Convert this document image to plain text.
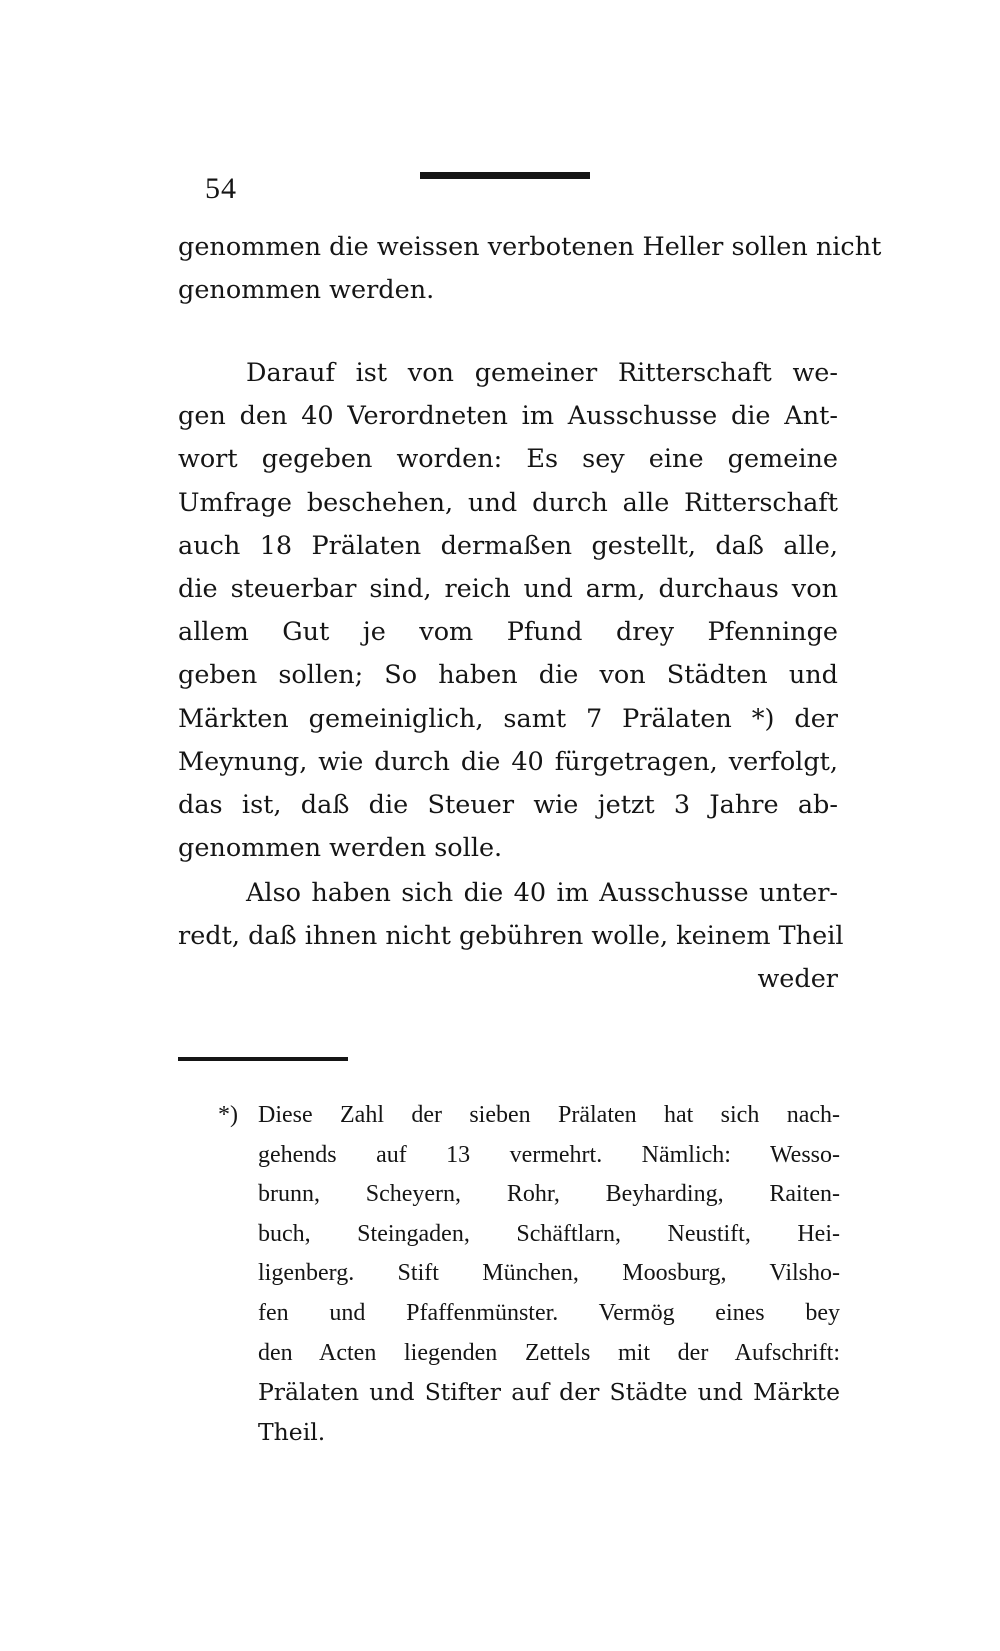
54

genommen die weissen verbotenen Heller sollen nicht
genommen werden.

Darauf ist von gemeiner Ritterschaft we-
gen den 40 Verordneten im Ausschusse die Ant-
wort gegeben worden: Es sey eine gemeine
Umfrage beschehen, und durch alle Ritterschaft
auch 18 Prälaten dermaßen gestellt, daß alle,
die steuerbar sind, reich und arm, durchaus von
allem Gut je vom Pfund drey Pfenninge
geben sollen; So haben die von Städten und
Märkten gemeiniglich, samt 7 Prälaten *) der
Meynung, wie durch die 40 fürgetragen, verfolgt,
das ist, daß die Steuer wie jetzt 3 Jahre ab-
genommen werden solle.

Also haben sich die 40 im Ausschusse unter-
redt, daß ihnen nicht gebühren wolle, keinem Theil
weder

*) Diese Zahl der sieben Prälaten hat sich nach-
gehends auf 13 vermehrt. Nämlich: Wesso-
brunn, Scheyern, Rohr, Beyharding, Raiten-
buch, Steingaden, Schäftlarn, Neustift, Hei-
ligenberg. Stift München, Moosburg, Vilsho-
fen und Pfaffenmünster. Vermög eines bey
den Acten liegenden Zettels mit der Aufschrift:
Prälaten und Stifter auf der Städte und Märkte
Theil.
